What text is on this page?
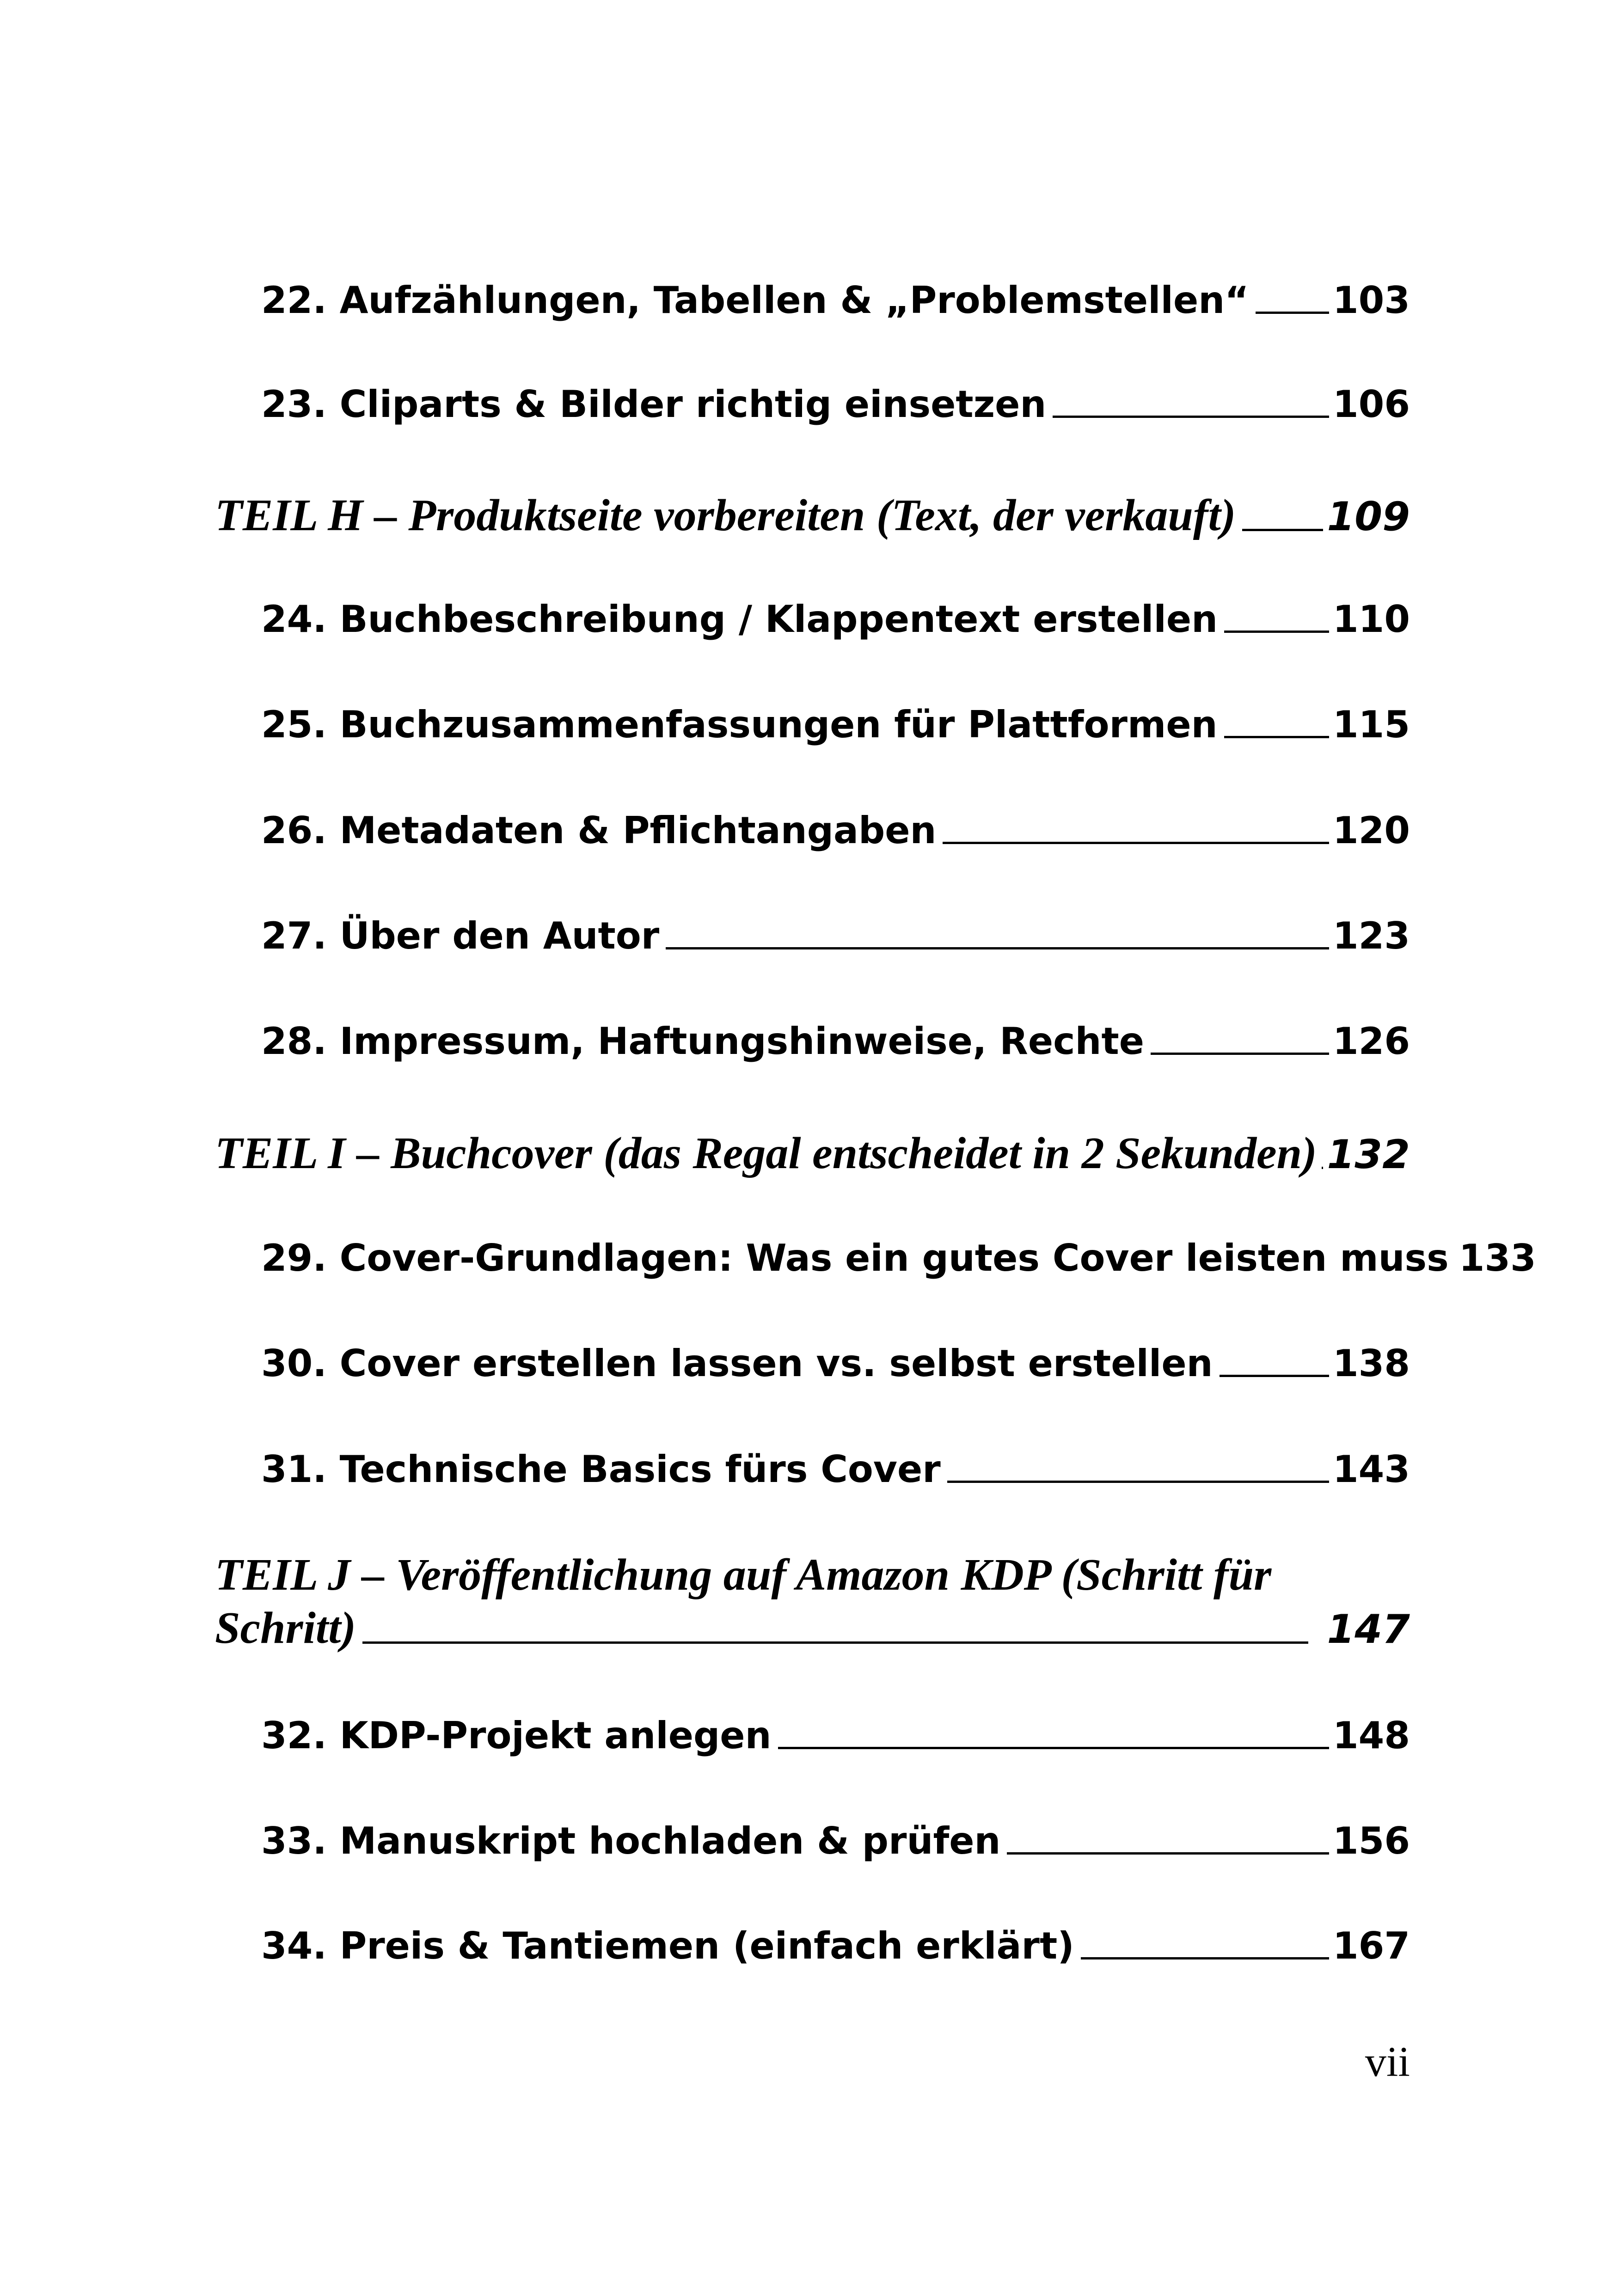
22. Aufzählungen, Tabellen & „Problemstellen“ 103
23. Cliparts & Bilder richtig einsetzen	106
TEIL H – Produktseite vorbereiten (Text, der verkauft) 109
24. Buchbeschreibung / Klappentext erstellen	110
25. Buchzusammenfassungen für Plattformen	115
26. Metadaten & Pflichtangaben	120
27. Über den Autor	123
28. Impressum, Haftungshinweise, Rechte	126
TEIL I – Buchcover (das Regal entscheidet in 2 Sekunden) 132
29. Cover-Grundlagen: Was ein gutes Cover leisten muss 133
30. Cover erstellen lassen vs. selbst erstellen	138
31. Technische Basics fürs Cover	143
TEIL J – Veröffentlichung auf Amazon KDP (Schritt für
Schritt)	147
32. KDP-Projekt anlegen	148
33. Manuskript hochladen & prüfen	156
34. Preis & Tantiemen (einfach erklärt)	167
vii
